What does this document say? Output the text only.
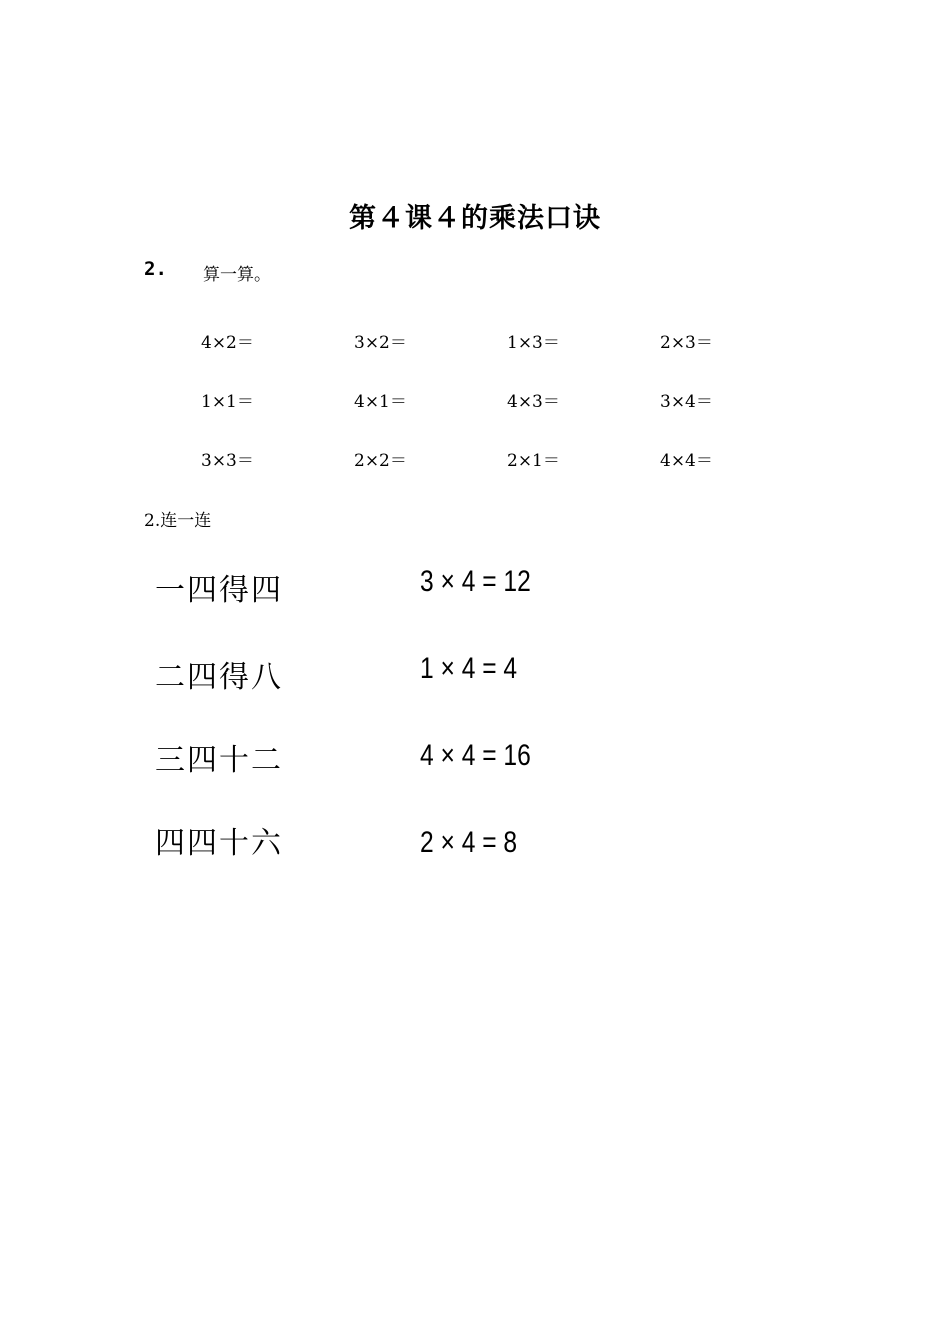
第４课４的乘法口诀
2. 算一算。
4×2＝	3×2＝	1×3＝	2×3＝
1×1＝	4×1＝	4×3＝	3×4＝
3×3＝	2×2＝	2×1＝	4×4＝
2.连一连
一四得四
二四得八
三四十二
四四十六
3 × 4 = 12
1 × 4 = 4
4 × 4 = 16
2 × 4 = 8
